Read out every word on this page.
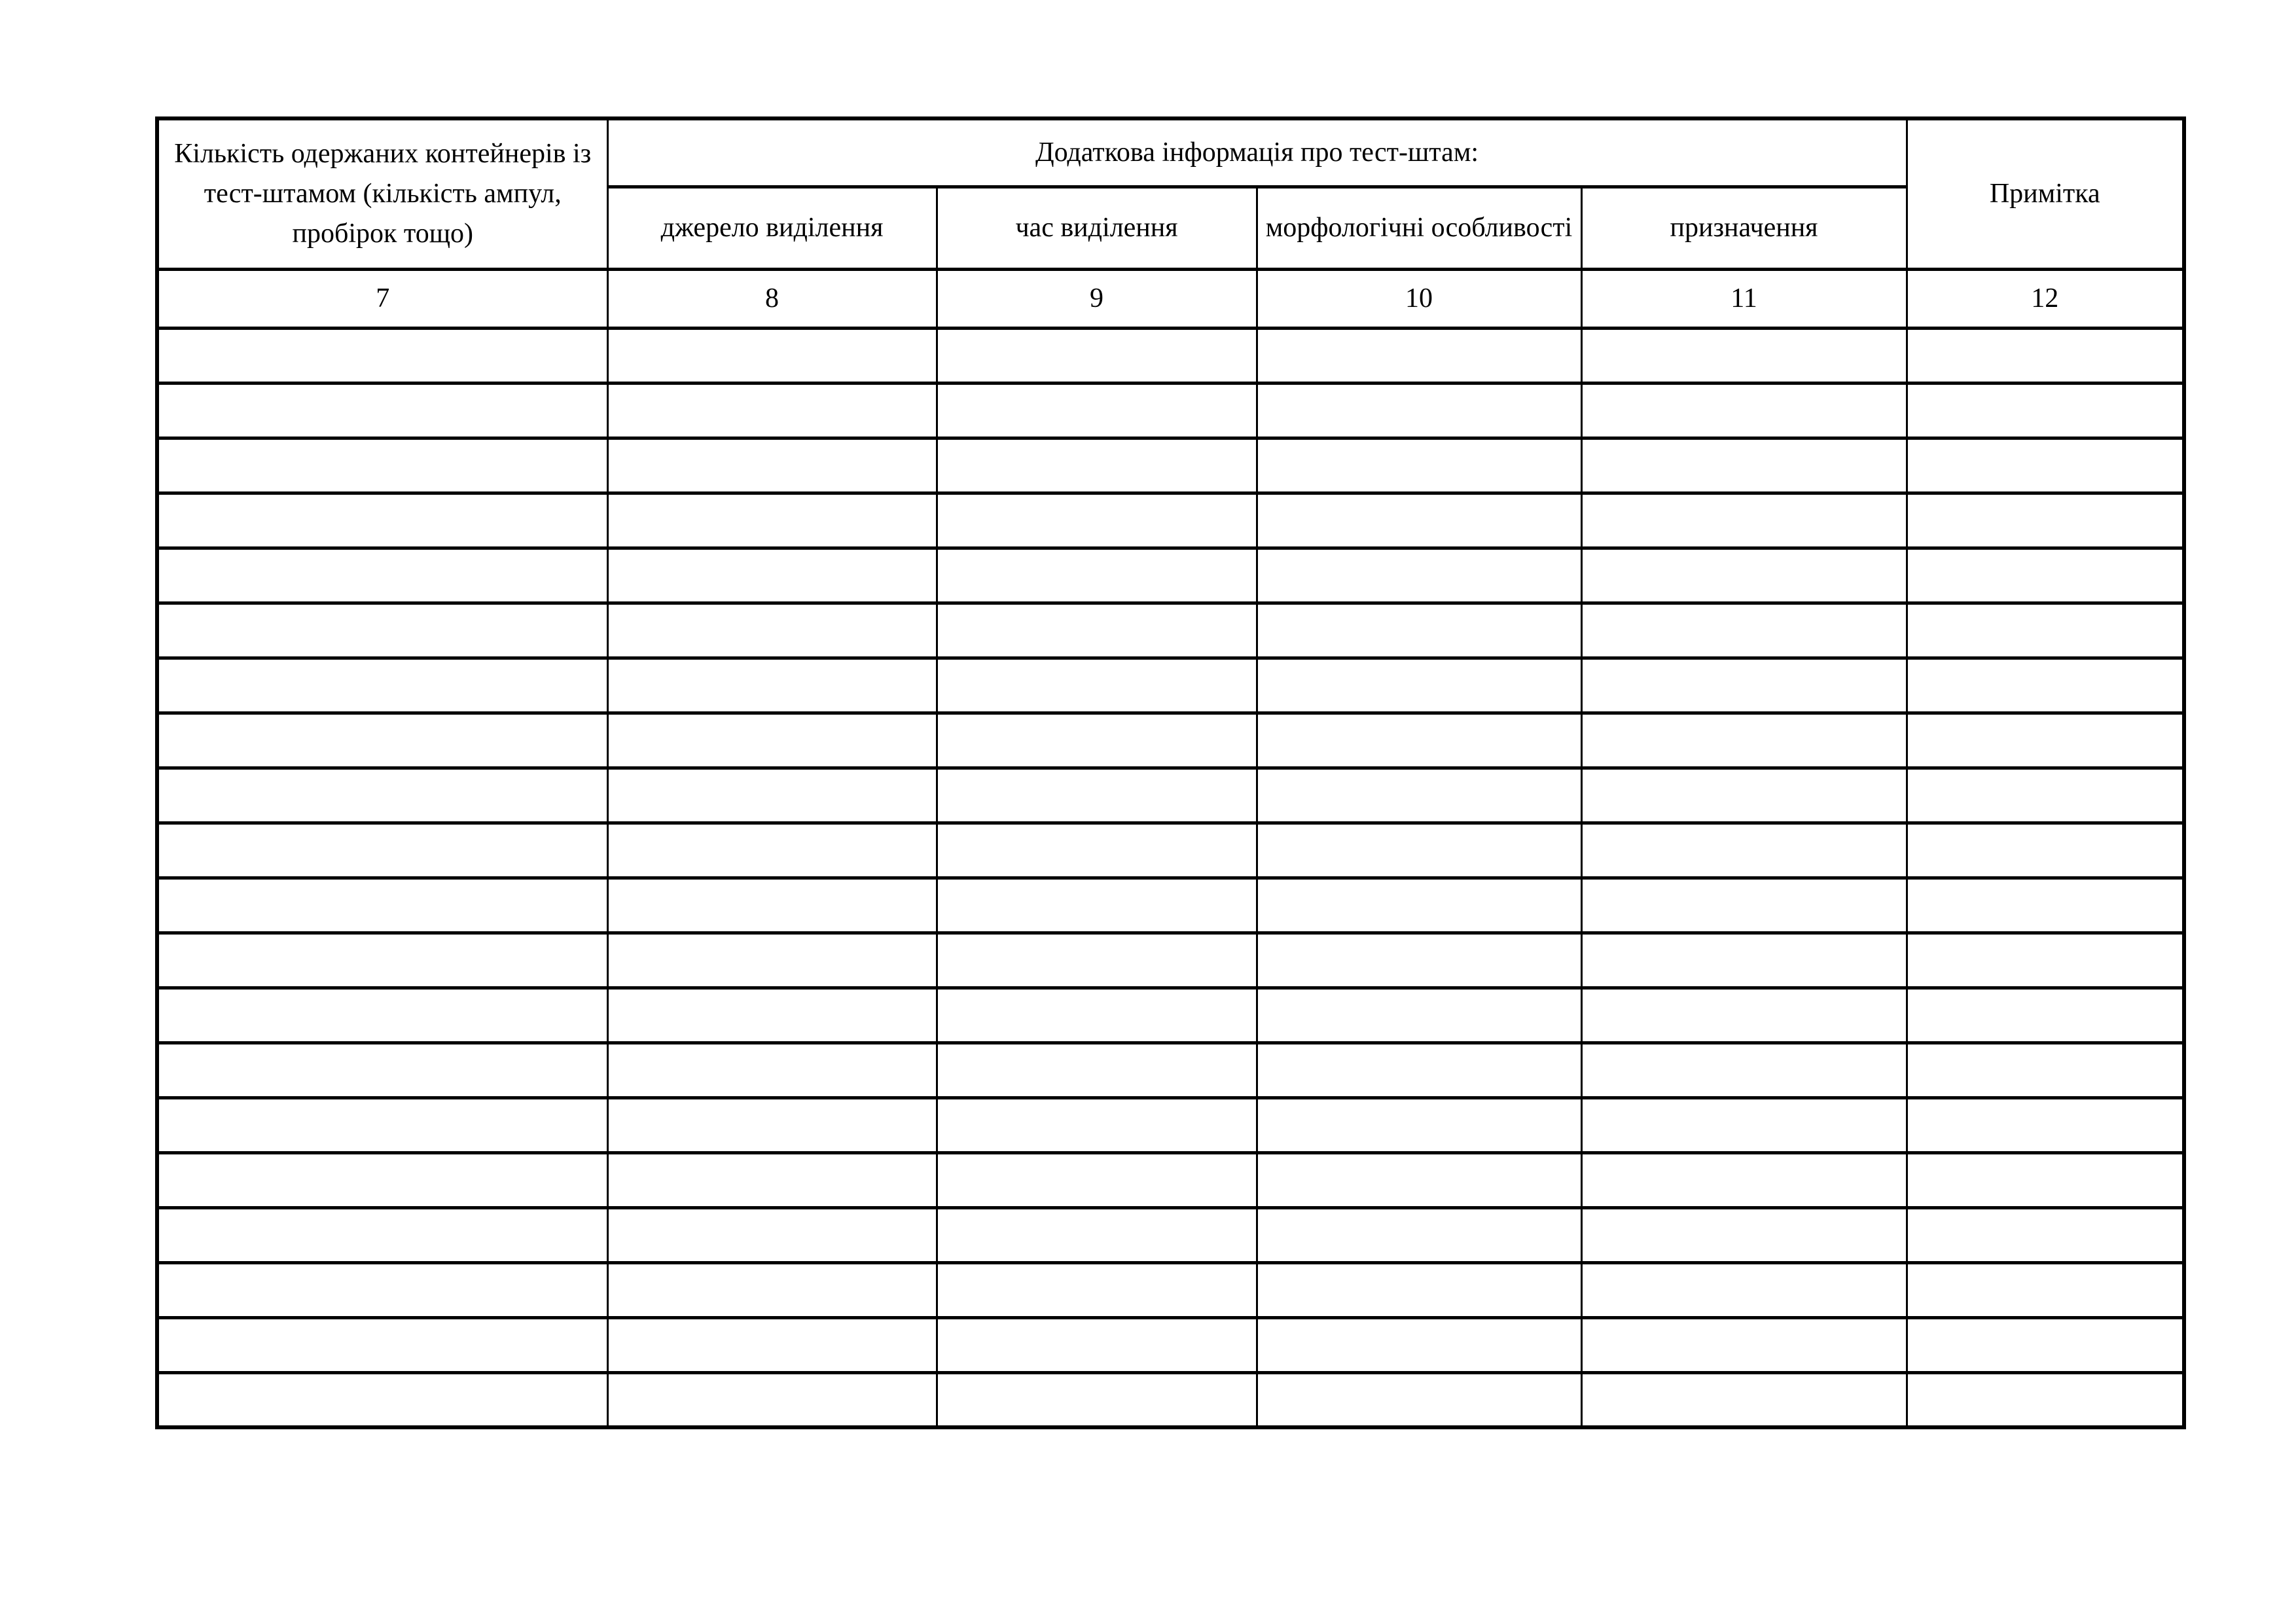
Кількість одержаних контейнерів із тест-штамом (кількість ампул, пробірок тощо)	Додаткова інформація про тест-штам:				Примітка
	джерело виділення	час виділення	морфологічні особливості	призначення	
7	8	9	10	11	12
